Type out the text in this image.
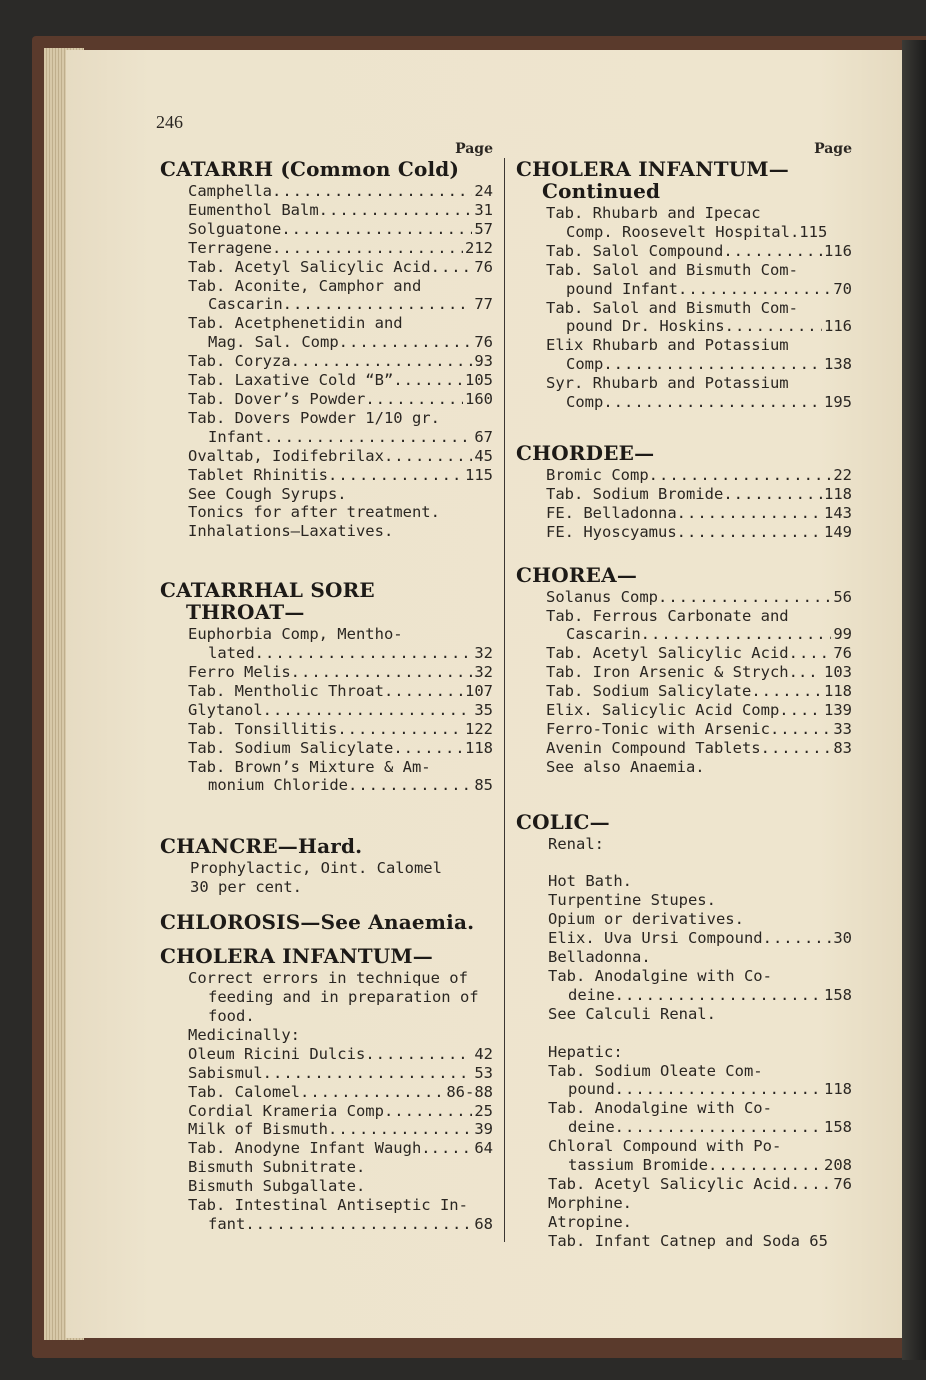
246
Page
CATARRH (Common Cold)
Camphella .....	24
Eumenthol Balm .....	31
Solguatone .....	57
Terragene .....	212
Tab. Acetyl Salicylic Acid .....	76
Tab. Aconite, Camphor and
Cascarin .....	77
Tab. Acetphenetidin and
Mag. Sal. Comp .....	76
Tab. Coryza .....	93
Tab. Laxative Cold “B” .....	105
Tab. Dover’s Powder .....	160
Tab. Dovers Powder 1/10 gr.
Infant .....	67
Ovaltab, Iodifebrilax .....	45
Tablet Rhinitis .....	115
See Cough Syrups.
Tonics for after treatment.
Inhalations—Laxatives.
CATARRHAL SORE
THROAT—
Euphorbia Comp, Mentho-
lated .....	32
Ferro Melis .....	32
Tab. Mentholic Throat .....	107
Glytanol .....	35
Tab. Tonsillitis .....	122
Tab. Sodium Salicylate .....	118
Tab. Brown’s Mixture & Am-
monium Chloride .....	85
CHANCRE—Hard.
Prophylactic, Oint. Calomel
30 per cent.
CHLOROSIS—See Anaemia.
CHOLERA INFANTUM—
Correct errors in technique of
feeding and in preparation of
food.
Medicinally:
Oleum Ricini Dulcis .....	42
Sabismul .....	53
Tab. Calomel .....	86-88
Cordial Krameria Comp .....	25
Milk of Bismuth .....	39
Tab. Anodyne Infant Waugh. .....	64
Bismuth Subnitrate.
Bismuth Subgallate.
Tab. Intestinal Antiseptic In-
fant .....	68
Page
CHOLERA INFANTUM—
Continued
Tab. Rhubarb and Ipecac
Comp. Roosevelt Hospital.115
Tab. Salol Compound .....	116
Tab. Salol and Bismuth Com-
pound Infant .....	70
Tab. Salol and Bismuth Com-
pound Dr. Hoskins .....	116
Elix Rhubarb and Potassium
Comp .....	138
Syr. Rhubarb and Potassium
Comp .....	195
CHORDEE—
Bromic Comp .....	22
Tab. Sodium Bromide .....	118
FE. Belladonna .....	143
FE. Hyoscyamus .....	149
CHOREA—
Solanus Comp .....	56
Tab. Ferrous Carbonate and
Cascarin .....	99
Tab. Acetyl Salicylic Acid .....	76
Tab. Iron Arsenic & Strych. ..... 103
Tab. Sodium Salicylate .....	118
Elix. Salicylic Acid Comp .....	139
Ferro-Tonic with Arsenic .....	33
Avenin Compound Tablets .....	83
See also Anaemia.
COLIC—
Renal:

Hot Bath.
Turpentine Stupes.
Opium or derivatives.
Elix. Uva Ursi Compound .....	30
Belladonna.
Tab. Anodalgine with Co-
deine .....	158
See Calculi Renal.

Hepatic:
Tab. Sodium Oleate Com-
pound .....	118
Tab. Anodalgine with Co-
deine .....	158
Chloral Compound with Po-
tassium Bromide .....	208
Tab. Acetyl Salicylic Acid .....	76
Morphine.
Atropine.
Tab. Infant Catnep and Soda 65
